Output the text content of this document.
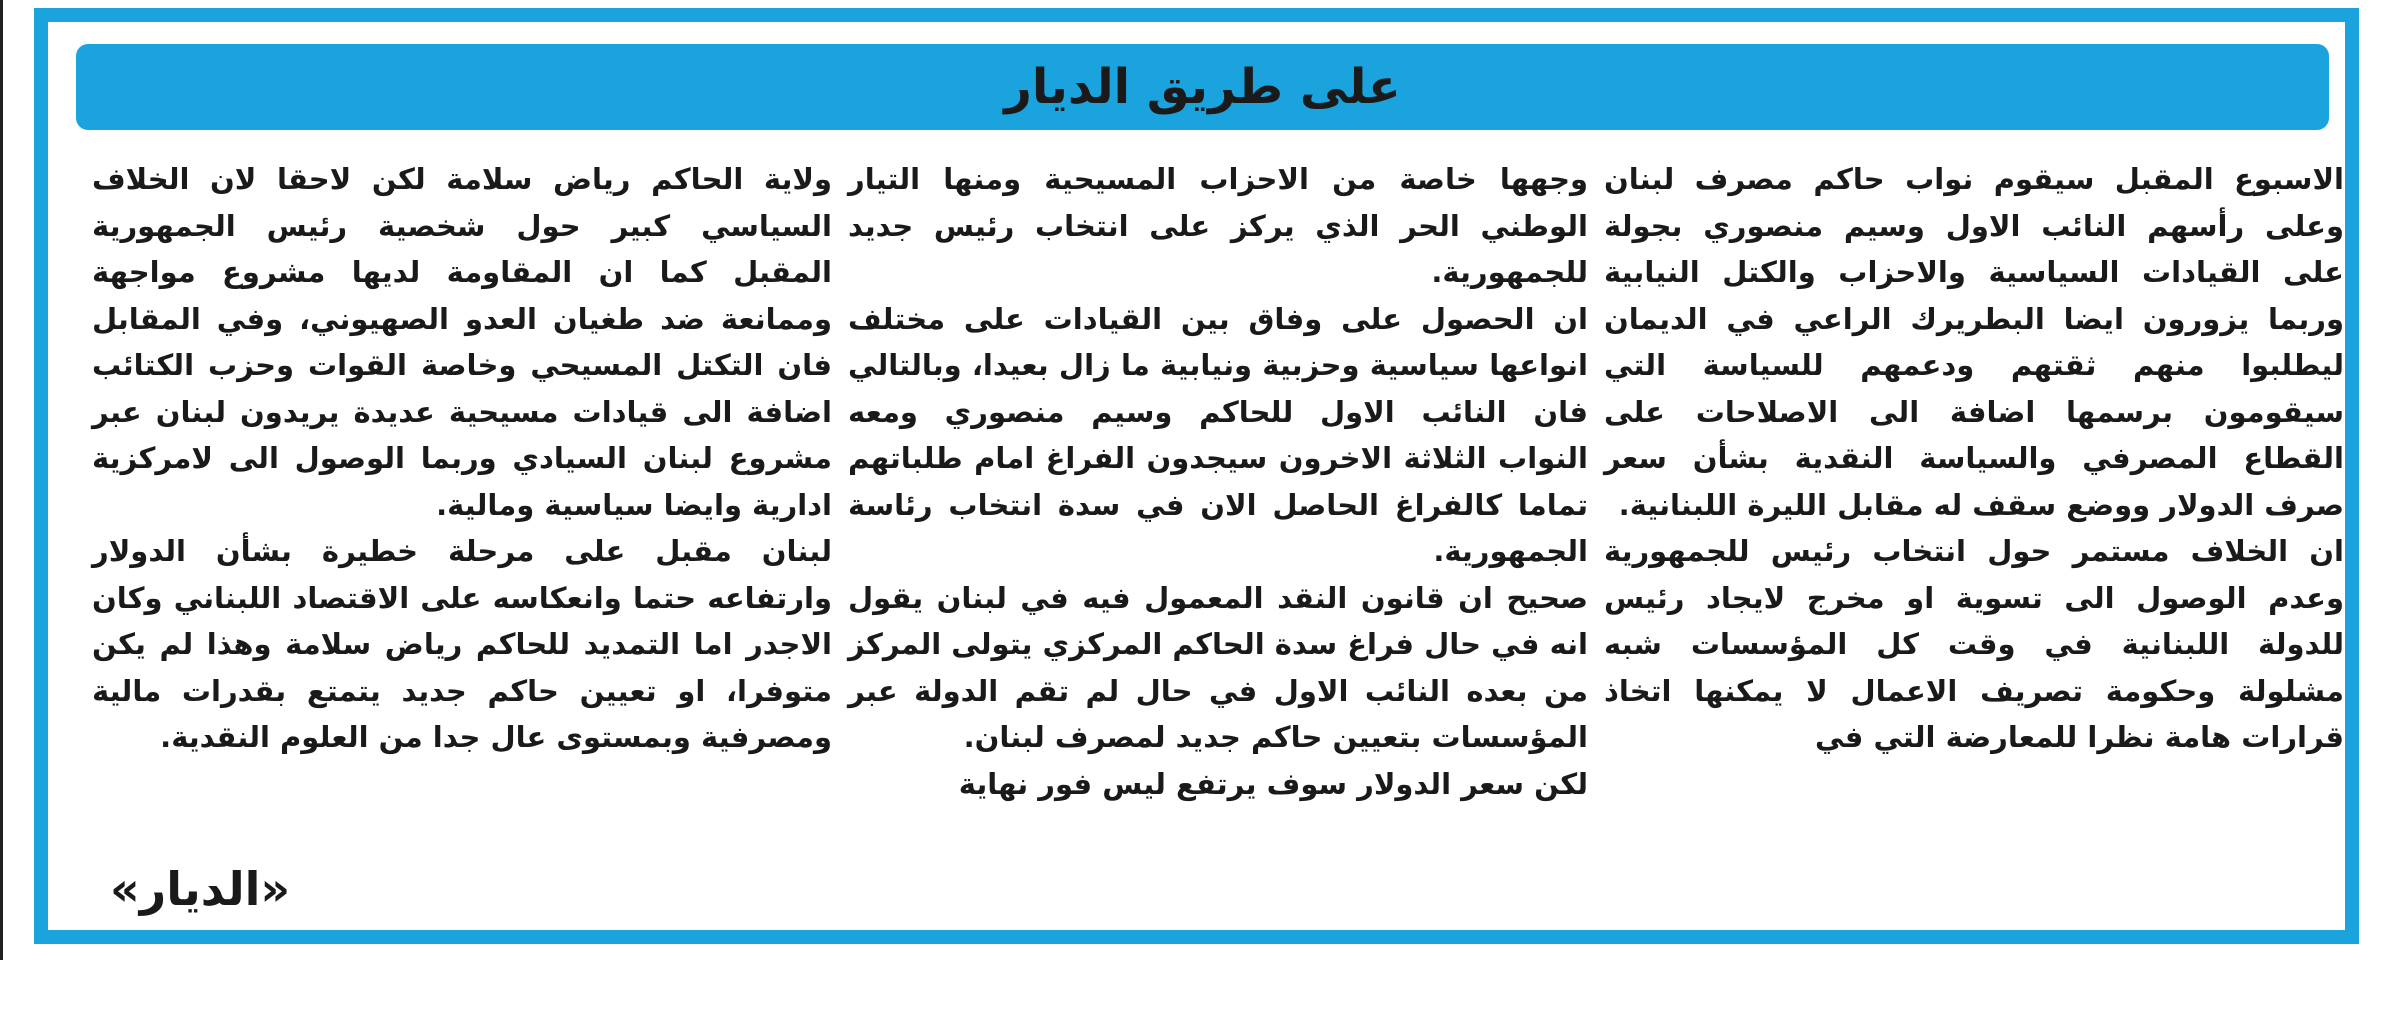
على طريق الديار

الاسبوع المقبل سيقوم نواب حاكم مصرف لبنان وعلى رأسهم النائب الاول وسيم منصوري بجولة على القيادات السياسية والاحزاب والكتل النيابية وربما يزورون ايضا البطريرك الراعي في الديمان ليطلبوا منهم ثقتهم ودعمهم للسياسة التي سيقومون برسمها اضافة الى الاصلاحات على القطاع المصرفي والسياسة النقدية بشأن سعر صرف الدولار ووضع سقف له مقابل الليرة اللبنانية.

ان الخلاف مستمر حول انتخاب رئيس للجمهورية وعدم الوصول الى تسوية او مخرج لايجاد رئيس للدولة اللبنانية في وقت كل المؤسسات شبه مشلولة وحكومة تصريف الاعمال لا يمكنها اتخاذ قرارات هامة نظرا للمعارضة التي في

وجهها خاصة من الاحزاب المسيحية ومنها التيار الوطني الحر الذي يركز على انتخاب رئيس جديد للجمهورية.

ان الحصول على وفاق بين القيادات على مختلف انواعها سياسية وحزبية ونيابية ما زال بعيدا، وبالتالي فان النائب الاول للحاكم وسيم منصوري ومعه النواب الثلاثة الاخرون سيجدون الفراغ امام طلباتهم تماما كالفراغ الحاصل الان في سدة انتخاب رئاسة الجمهورية.

صحيح ان قانون النقد المعمول فيه في لبنان يقول انه في حال فراغ سدة الحاكم المركزي يتولى المركز من بعده النائب الاول في حال لم تقم الدولة عبر المؤسسات بتعيين حاكم جديد لمصرف لبنان.

لكن سعر الدولار سوف يرتفع ليس فور نهاية

ولاية الحاكم رياض سلامة لكن لاحقا لان الخلاف السياسي كبير حول شخصية رئيس الجمهورية المقبل كما ان المقاومة لديها مشروع مواجهة وممانعة ضد طغيان العدو الصهيوني، وفي المقابل فان التكتل المسيحي وخاصة القوات وحزب الكتائب اضافة الى قيادات مسيحية عديدة يريدون لبنان عبر مشروع لبنان السيادي وربما الوصول الى لامركزية ادارية وايضا سياسية ومالية.

لبنان مقبل على مرحلة خطيرة بشأن الدولار وارتفاعه حتما وانعكاسه على الاقتصاد اللبناني وكان الاجدر اما التمديد للحاكم رياض سلامة وهذا لم يكن متوفرا، او تعيين حاكم جديد يتمتع بقدرات مالية ومصرفية وبمستوى عال جدا من العلوم النقدية.

«الديار»
